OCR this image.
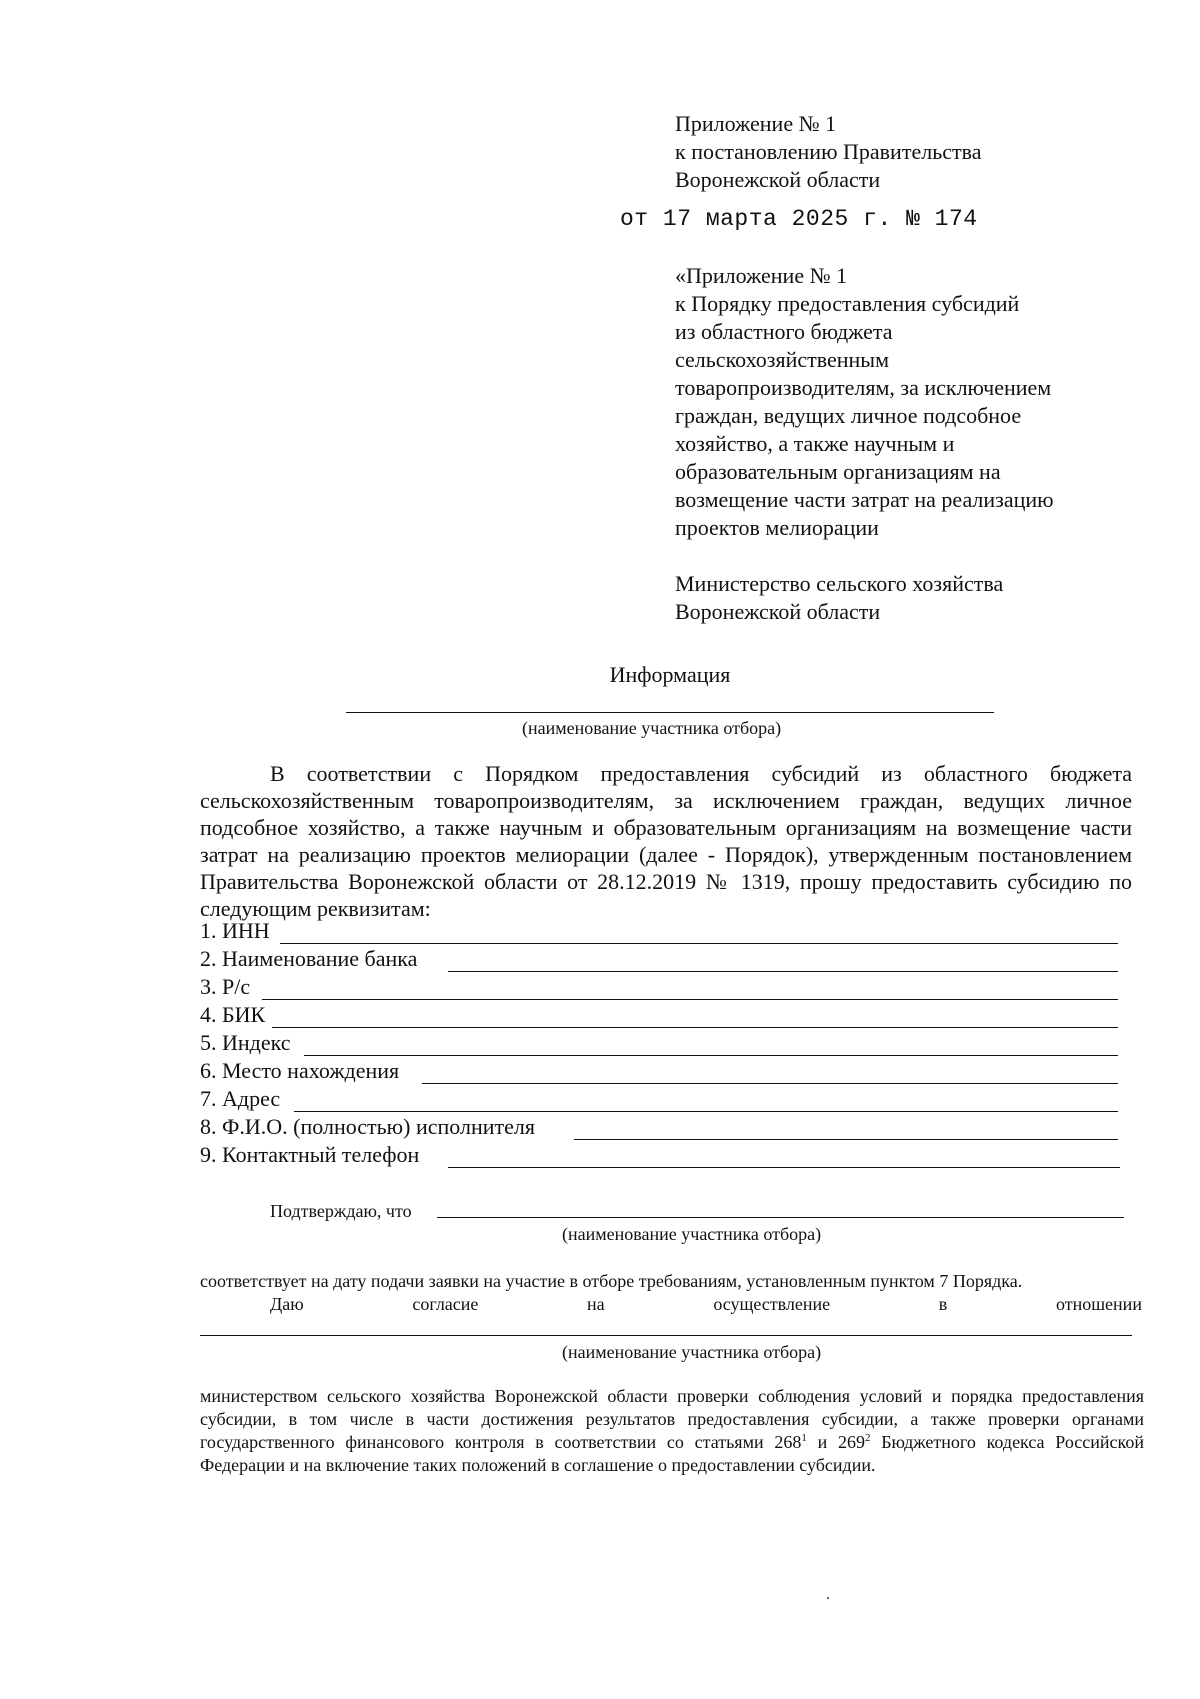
Приложение № 1
к постановлению Правительства
Воронежской области
от 17 марта 2025 г. № 174
«Приложение № 1
к Порядку предоставления субсидий
из областного бюджета
сельскохозяйственным
товаропроизводителям, за исключением
граждан, ведущих личное подсобное
хозяйство, а также научным и
образовательным организациям на
возмещение части затрат на реализацию
проектов мелиорации
Министерство сельского хозяйства
Воронежской области
Информация
(наименование участника отбора)
В соответствии с Порядком предоставления субсидий из областного бюджета сельскохозяйственным товаропроизводителям, за исключением граждан, ведущих личное подсобное хозяйство, а также научным и образовательным организациям на возмещение части затрат на реализацию проектов мелиорации (далее - Порядок), утвержденным постановлением Правительства Воронежской области от 28.12.2019 № 1319, прошу предоставить субсидию по следующим реквизитам:
1. ИНН
2. Наименование банка
3. Р/с
4. БИК
5. Индекс
6. Место нахождения
7. Адрес
8. Ф.И.О. (полностью) исполнителя
9. Контактный телефон
Подтверждаю, что
(наименование участника отбора)
соответствует на дату подачи заявки на участие в отборе требованиям, установленным пунктом 7 Порядка.
Даю	согласие	на	осуществление	в	отношении
(наименование участника отбора)
министерством сельского хозяйства Воронежской области проверки соблюдения условий и порядка предоставления субсидии, в том числе в части достижения результатов предоставления субсидии, а также проверки органами государственного финансового контроля в соответствии со статьями $268^1$ и $269^2$ Бюджетного кодекса Российской Федерации и на включение таких положений в соглашение о предоставлении субсидии.
